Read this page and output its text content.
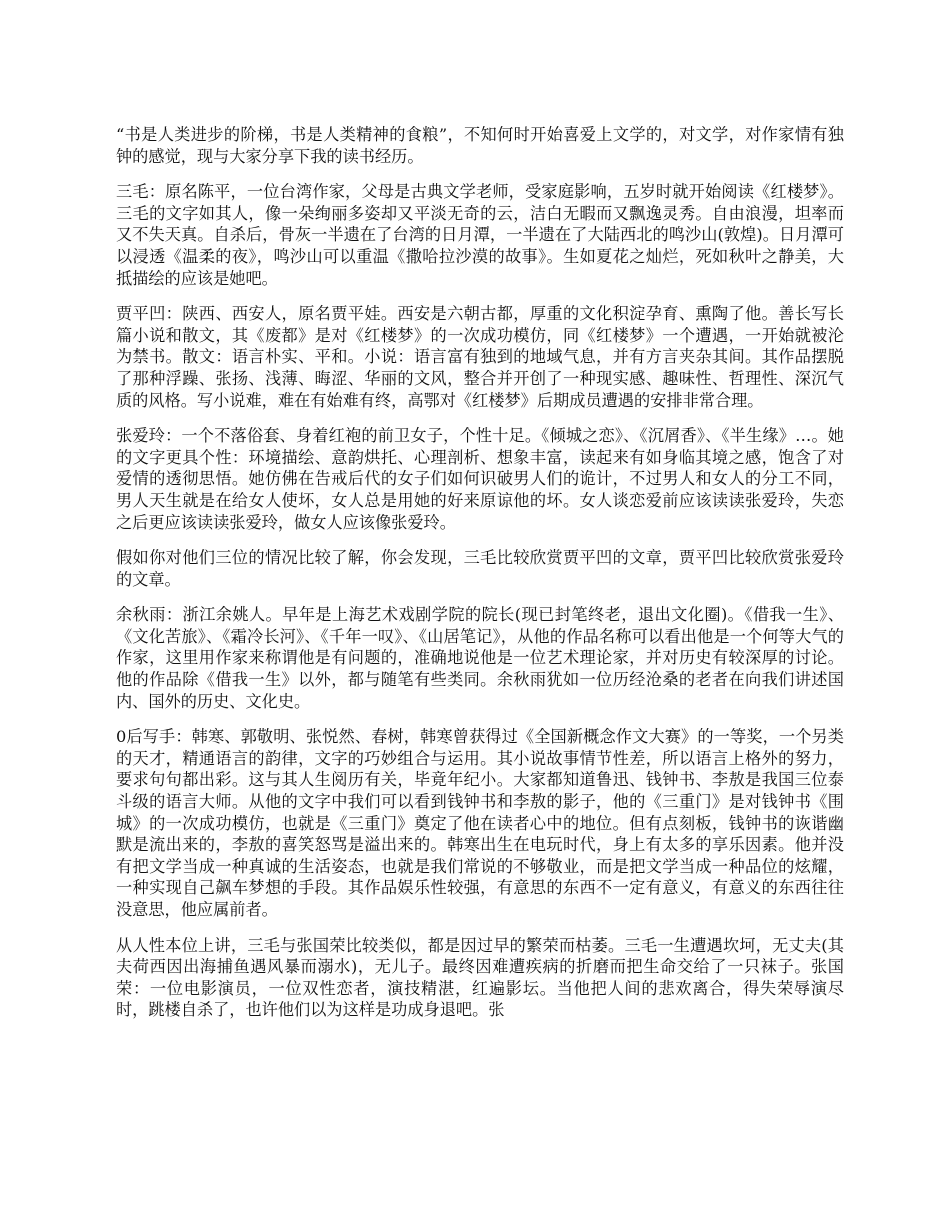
“书是人类进步的阶梯，书是人类精神的食粮”，不知何时开始喜爱上文学的，对文学，对作家情有独钟的感觉，现与大家分享下我的读书经历。

三毛：原名陈平，一位台湾作家，父母是古典文学老师，受家庭影响，五岁时就开始阅读《红楼梦》。三毛的文字如其人，像一朵绚丽多姿却又平淡无奇的云，洁白无暇而又飘逸灵秀。自由浪漫，坦率而又不失天真。自杀后，骨灰一半遗在了台湾的日月潭，一半遗在了大陆西北的鸣沙山(敦煌)。日月潭可以浸透《温柔的夜》，鸣沙山可以重温《撒哈拉沙漠的故事》。生如夏花之灿烂，死如秋叶之静美，大抵描绘的应该是她吧。

贾平凹：陕西、西安人，原名贾平娃。西安是六朝古都，厚重的文化积淀孕育、熏陶了他。善长写长篇小说和散文，其《废都》是对《红楼梦》的一次成功模仿，同《红楼梦》一个遭遇，一开始就被沦为禁书。散文：语言朴实、平和。小说：语言富有独到的地域气息，并有方言夹杂其间。其作品摆脱了那种浮躁、张扬、浅薄、晦涩、华丽的文风，整合并开创了一种现实感、趣味性、哲理性、深沉气质的风格。写小说难，难在有始难有终，高鄂对《红楼梦》后期成员遭遇的安排非常合理。

张爱玲：一个不落俗套、身着红袍的前卫女子，个性十足。《倾城之恋》、《沉屑香》、《半生缘》…。她的文字更具个性：环境描绘、意韵烘托、心理剖析、想象丰富，读起来有如身临其境之感，饱含了对爱情的透彻思悟。她仿佛在告戒后代的女子们如何识破男人们的诡计，不过男人和女人的分工不同，男人天生就是在给女人使坏，女人总是用她的好来原谅他的坏。女人谈恋爱前应该读读张爱玲，失恋之后更应该读读张爱玲，做女人应该像张爱玲。

假如你对他们三位的情况比较了解，你会发现，三毛比较欣赏贾平凹的文章，贾平凹比较欣赏张爱玲的文章。

余秋雨：浙江余姚人。早年是上海艺术戏剧学院的院长(现已封笔终老，退出文化圈)。《借我一生》、《文化苦旅》、《霜冷长河》、《千年一叹》、《山居笔记》，从他的作品名称可以看出他是一个何等大气的作家，这里用作家来称谓他是有问题的，准确地说他是一位艺术理论家，并对历史有较深厚的讨论。他的作品除《借我一生》以外，都与随笔有些类同。余秋雨犹如一位历经沧桑的老者在向我们讲述国内、国外的历史、文化史。

0后写手：韩寒、郭敬明、张悦然、春树，韩寒曾获得过《全国新概念作文大赛》的一等奖，一个另类的天才，精通语言的韵律，文字的巧妙组合与运用。其小说故事情节性差，所以语言上格外的努力，要求句句都出彩。这与其人生阅历有关，毕竟年纪小。大家都知道鲁迅、钱钟书、李敖是我国三位泰斗级的语言大师。从他的文字中我们可以看到钱钟书和李敖的影子，他的《三重门》是对钱钟书《围城》的一次成功模仿，也就是《三重门》奠定了他在读者心中的地位。但有点刻板，钱钟书的诙谐幽默是流出来的，李敖的喜笑怒骂是溢出来的。韩寒出生在电玩时代，身上有太多的享乐因素。他并没有把文学当成一种真诚的生活姿态，也就是我们常说的不够敬业，而是把文学当成一种品位的炫耀，一种实现自己飙车梦想的手段。其作品娱乐性较强，有意思的东西不一定有意义，有意义的东西往往没意思，他应属前者。

从人性本位上讲，三毛与张国荣比较类似，都是因过早的繁荣而枯萎。三毛一生遭遇坎坷，无丈夫(其夫荷西因出海捕鱼遇风暴而溺水)，无儿子。最终因难遭疾病的折磨而把生命交给了一只袜子。张国荣：一位电影演员，一位双性恋者，演技精湛，红遍影坛。当他把人间的悲欢离合，得失荣辱演尽时，跳楼自杀了，也许他们以为这样是功成身退吧。张
